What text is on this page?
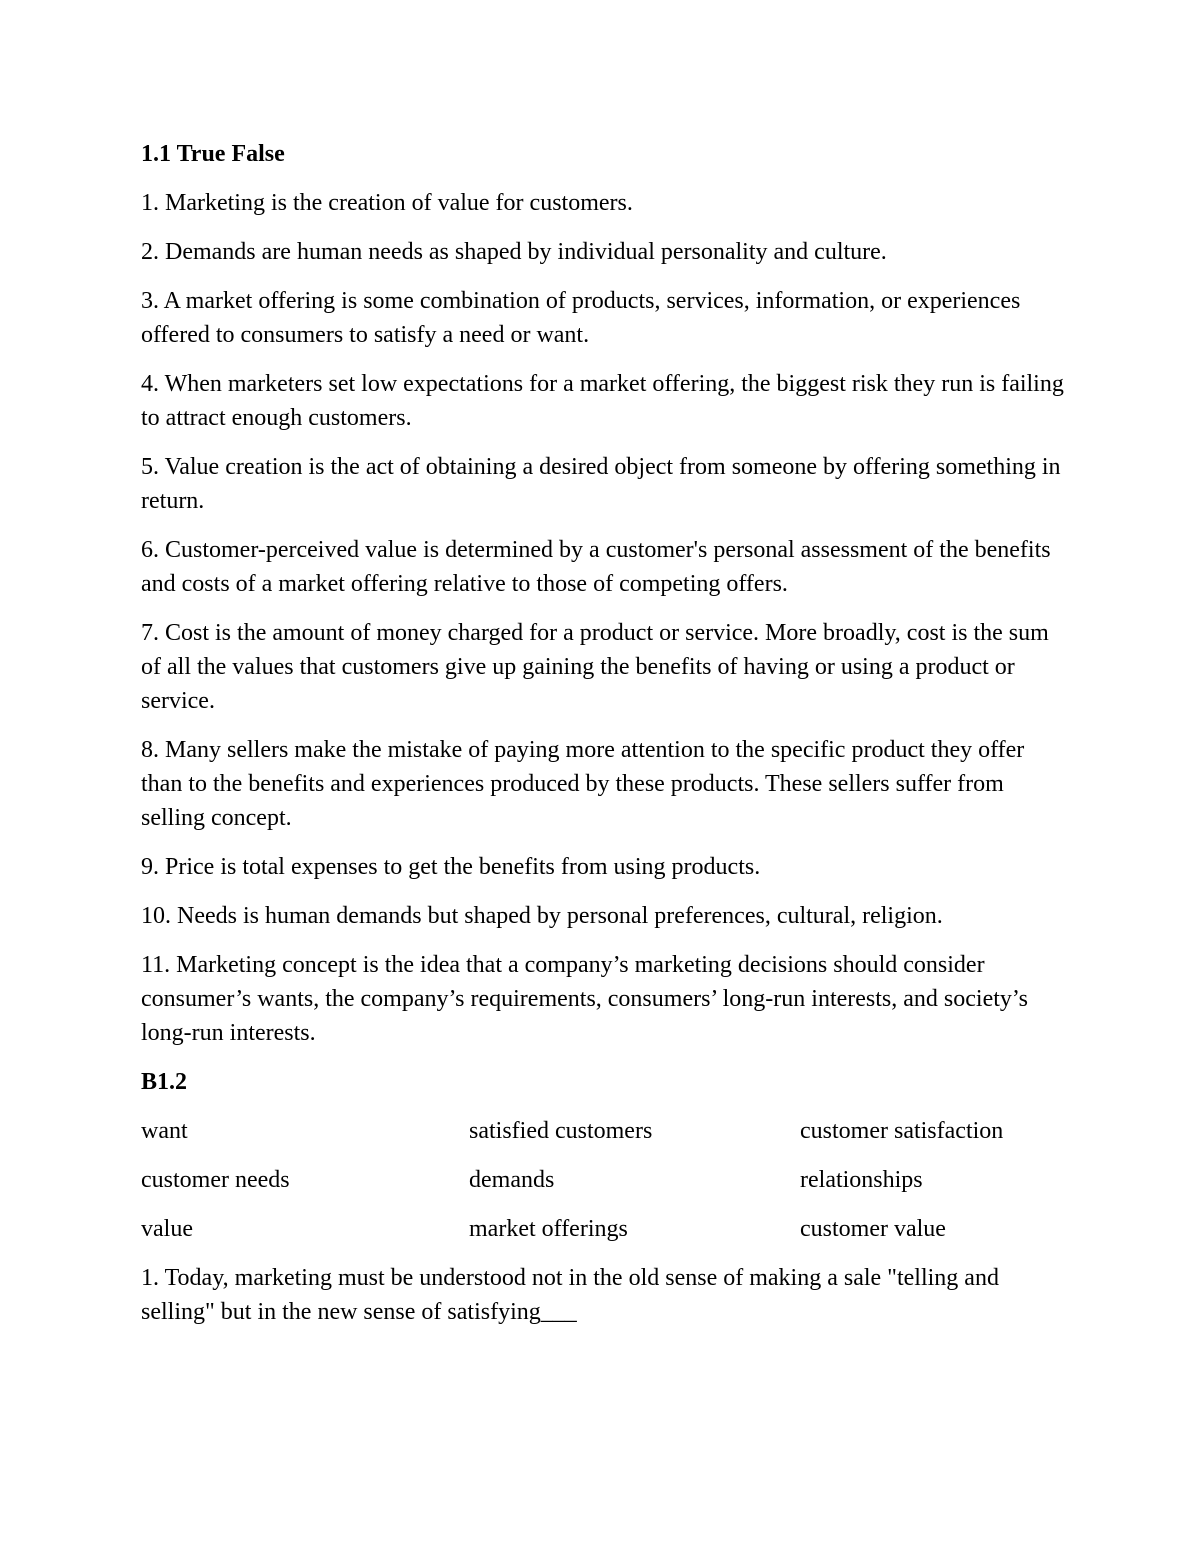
1.1 True False
1. Marketing is the creation of value for customers.
2. Demands are human needs as shaped by individual personality and culture.
3. A market offering is some combination of products, services, information, or experiences offered to consumers to satisfy a need or want.
4. When marketers set low expectations for a market offering, the biggest risk they run is failing to attract enough customers.
5. Value creation is the act of obtaining a desired object from someone by offering something in return.
6. Customer-perceived value is determined by a customer's personal assessment of the benefits and costs of a market offering relative to those of competing offers.
7. Cost is the amount of money charged for a product or service. More broadly, cost is the sum of all the values that customers give up gaining the benefits of having or using a product or service.
8. Many sellers make the mistake of paying more attention to the specific product they offer than to the benefits and experiences produced by these products. These sellers suffer from selling concept.
9. Price is total expenses to get the benefits from using products.
10. Needs is human demands but shaped by personal preferences, cultural, religion.
11. Marketing concept is the idea that a company’s marketing decisions should consider consumer’s wants, the company’s requirements, consumers’ long-run interests, and society’s long-run interests.
B1.2
want	satisfied customers	customer satisfaction
customer needs	demands	relationships
value	market offerings	customer value
1. Today, marketing must be understood not in the old sense of making a sale "telling and selling" but in the new sense of satisfying___
